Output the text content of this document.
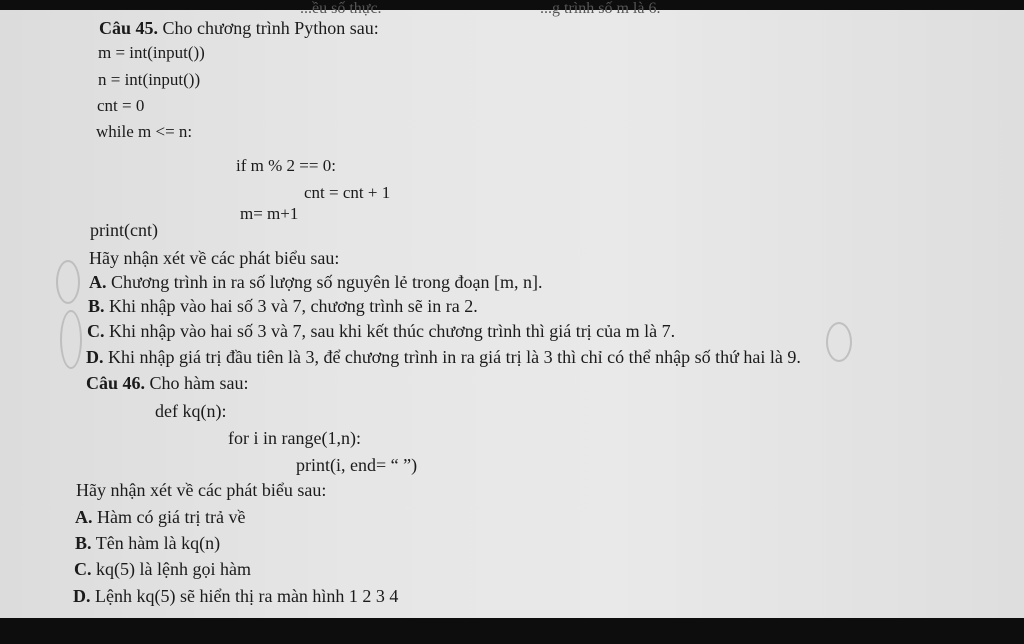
...ều số thực.	...g trình số m là 6.
Câu 45. Cho chương trình Python sau:
m = int(input())
n = int(input())
cnt = 0
while m <= n:
if m % 2 == 0:
cnt = cnt + 1
m= m+1
print(cnt)
Hãy nhận xét về các phát biểu sau:
A. Chương trình in ra số lượng số nguyên lẻ trong đoạn [m, n].
B. Khi nhập vào hai số 3 và 7, chương trình sẽ in ra 2.
C. Khi nhập vào hai số 3 và 7, sau khi kết thúc chương trình thì giá trị của m là 7.
D. Khi nhập giá trị đầu tiên là 3, để chương trình in ra giá trị là 3 thì chỉ có thể nhập số thứ hai là 9.
Câu 46. Cho hàm sau:
def kq(n):
for i in range(1,n):
print(i, end= “ ”)
Hãy nhận xét về các phát biểu sau:
A. Hàm có giá trị trả về
B. Tên hàm là kq(n)
C. kq(5) là lệnh gọi hàm
D. Lệnh kq(5) sẽ hiển thị ra màn hình 1 2 3 4
